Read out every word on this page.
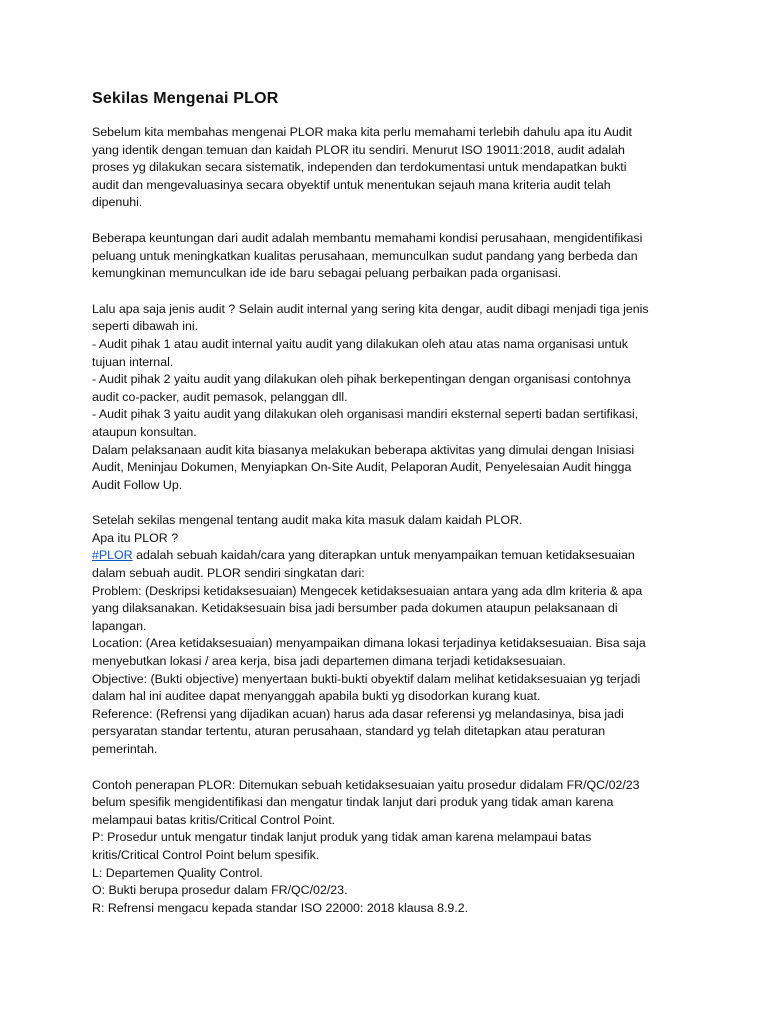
Sekilas Mengenai PLOR
Sebelum kita membahas mengenai PLOR maka kita perlu memahami terlebih dahulu apa itu Audit
yang identik dengan temuan dan kaidah PLOR itu sendiri. Menurut ISO 19011:2018, audit adalah
proses yg dilakukan secara sistematik, independen dan terdokumentasi untuk mendapatkan bukti
audit dan mengevaluasinya secara obyektif untuk menentukan sejauh mana kriteria audit telah
dipenuhi.
Beberapa keuntungan dari audit adalah membantu memahami kondisi perusahaan, mengidentifikasi
peluang untuk meningkatkan kualitas perusahaan, memunculkan sudut pandang yang berbeda dan
kemungkinan memunculkan ide ide baru sebagai peluang perbaikan pada organisasi.
Lalu apa saja jenis audit ? Selain audit internal yang sering kita dengar, audit dibagi menjadi tiga jenis
seperti dibawah ini.
- Audit pihak 1 atau audit internal yaitu audit yang dilakukan oleh atau atas nama organisasi untuk
tujuan internal.
- Audit pihak 2 yaitu audit yang dilakukan oleh pihak berkepentingan dengan organisasi contohnya
audit co-packer, audit pemasok, pelanggan dll.
- Audit pihak 3 yaitu audit yang dilakukan oleh organisasi mandiri eksternal seperti badan sertifikasi,
ataupun konsultan.
Dalam pelaksanaan audit kita biasanya melakukan beberapa aktivitas yang dimulai dengan Inisiasi
Audit, Meninjau Dokumen, Menyiapkan On-Site Audit, Pelaporan Audit, Penyelesaian Audit hingga
Audit Follow Up.
Setelah sekilas mengenal tentang audit maka kita masuk dalam kaidah PLOR.
Apa itu PLOR ?
#PLOR adalah sebuah kaidah/cara yang diterapkan untuk menyampaikan temuan ketidaksesuaian
dalam sebuah audit. PLOR sendiri singkatan dari:
Problem: (Deskripsi ketidaksesuaian) Mengecek ketidaksesuaian antara yang ada dlm kriteria & apa
yang dilaksanakan. Ketidaksesuain bisa jadi bersumber pada dokumen ataupun pelaksanaan di
lapangan.
Location: (Area ketidaksesuaian) menyampaikan dimana lokasi terjadinya ketidaksesuaian. Bisa saja
menyebutkan lokasi / area kerja, bisa jadi departemen dimana terjadi ketidaksesuaian.
Objective: (Bukti objective) menyertaan bukti-bukti obyektif dalam melihat ketidaksesuaian yg terjadi
dalam hal ini auditee dapat menyanggah apabila bukti yg disodorkan kurang kuat.
Reference: (Refrensi yang dijadikan acuan) harus ada dasar referensi yg melandasinya, bisa jadi
persyaratan standar tertentu, aturan perusahaan, standard yg telah ditetapkan atau peraturan
pemerintah.
Contoh penerapan PLOR: Ditemukan sebuah ketidaksesuaian yaitu prosedur didalam FR/QC/02/23
belum spesifik mengidentifikasi dan mengatur tindak lanjut dari produk yang tidak aman karena
melampaui batas kritis/Critical Control Point.
P: Prosedur untuk mengatur tindak lanjut produk yang tidak aman karena melampaui batas
kritis/Critical Control Point belum spesifik.
L: Departemen Quality Control.
O: Bukti berupa prosedur dalam FR/QC/02/23.
R: Refrensi mengacu kepada standar ISO 22000: 2018 klausa 8.9.2.
